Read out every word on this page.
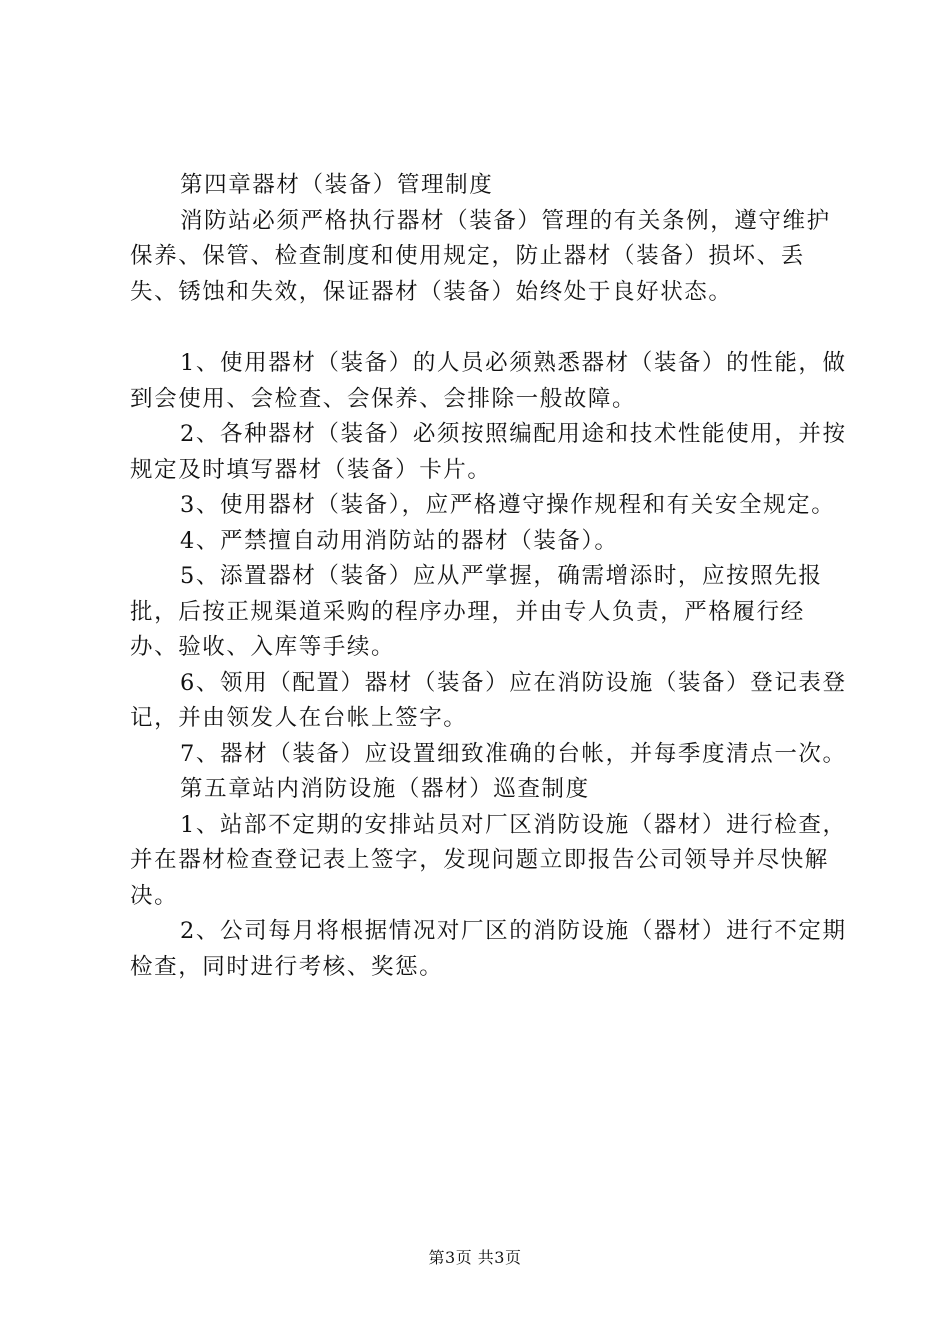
第四章器材（装备）管理制度

消防站必须严格执行器材（装备）管理的有关条例，遵守维护保养、保管、检查制度和使用规定，防止器材（装备）损坏、丢失、锈蚀和失效，保证器材（装备）始终处于良好状态。

1、使用器材（装备）的人员必须熟悉器材（装备）的性能，做到会使用、会检查、会保养、会排除一般故障。

2、各种器材（装备）必须按照编配用途和技术性能使用，并按规定及时填写器材（装备）卡片。

3、使用器材（装备），应严格遵守操作规程和有关安全规定。

4、严禁擅自动用消防站的器材（装备）。

5、添置器材（装备）应从严掌握，确需增添时，应按照先报批，后按正规渠道采购的程序办理，并由专人负责，严格履行经办、验收、入库等手续。

6、领用（配置）器材（装备）应在消防设施（装备）登记表登记，并由领发人在台帐上签字。

7、器材（装备）应设置细致准确的台帐，并每季度清点一次。

第五章站内消防设施（器材）巡查制度

1、站部不定期的安排站员对厂区消防设施（器材）进行检查，并在器材检查登记表上签字，发现问题立即报告公司领导并尽快解决。

2、公司每月将根据情况对厂区的消防设施（器材）进行不定期检查，同时进行考核、奖惩。

第3页 共3页
